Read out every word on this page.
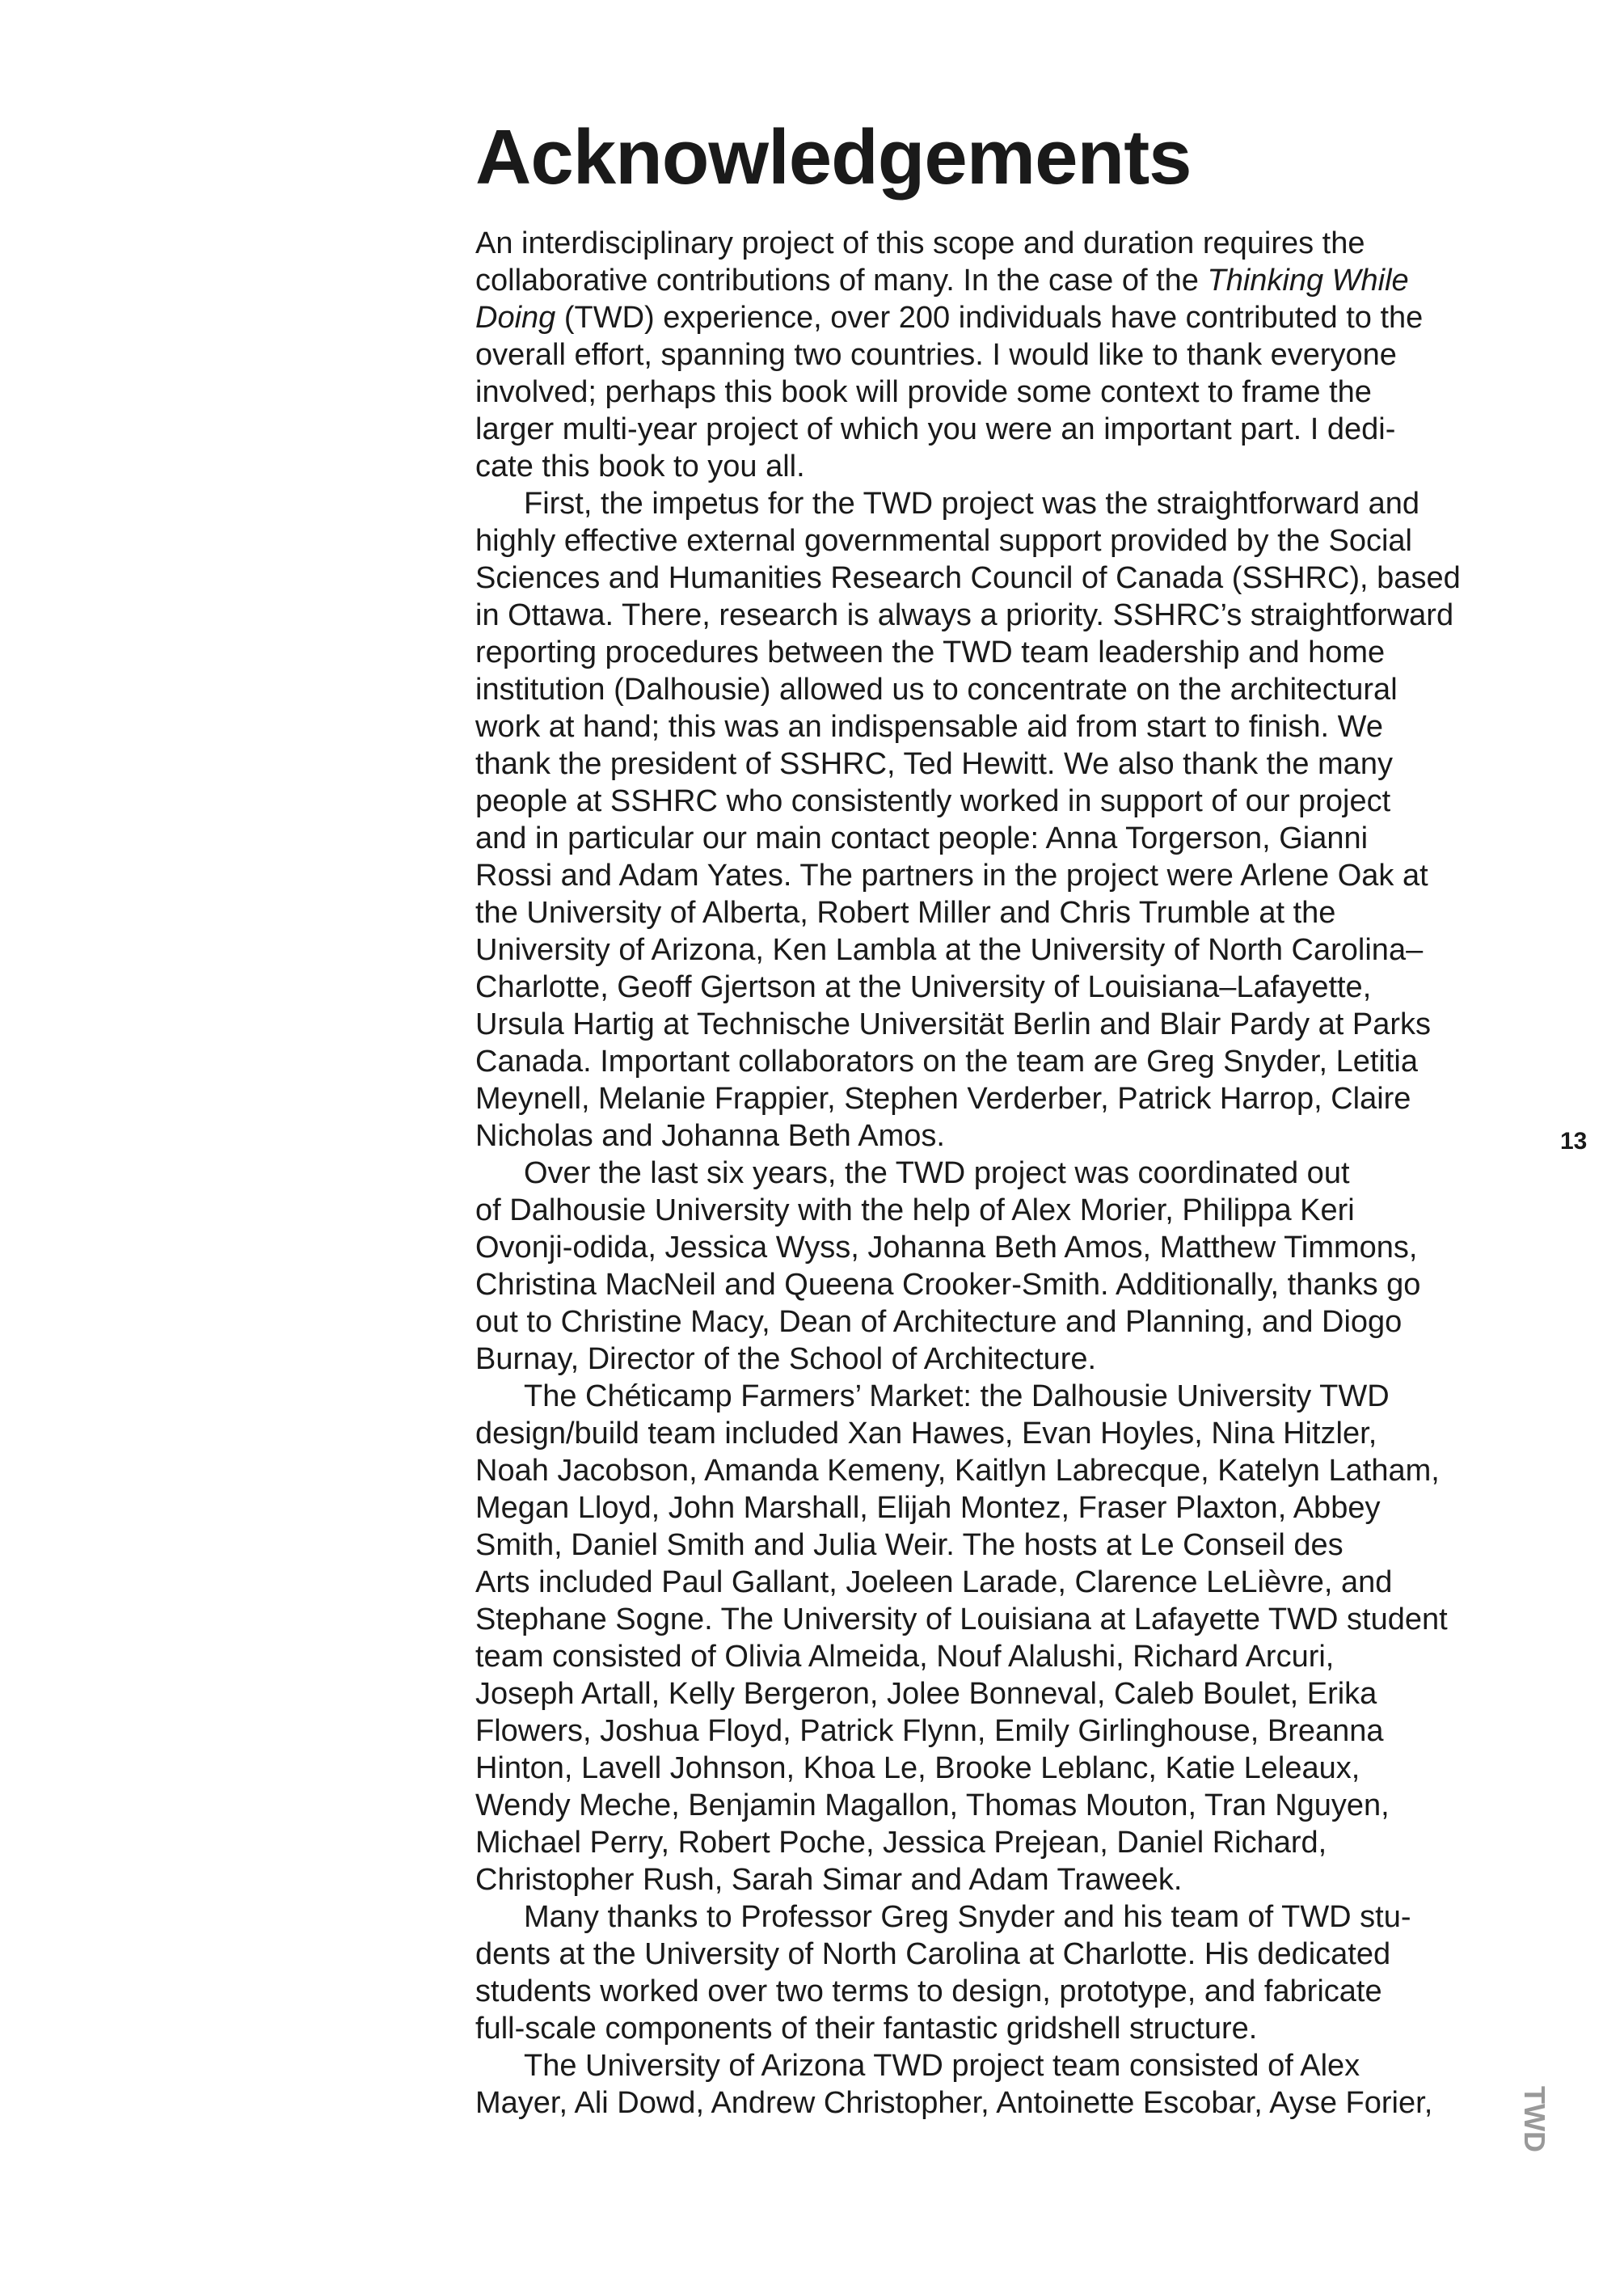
Acknowledgements
An interdisciplinary project of this scope and duration requires the
collaborative contributions of many. In the case of the Thinking While
Doing (TWD) experience, over 200 individuals have contributed to the
overall effort, spanning two countries. I would like to thank everyone
involved; perhaps this book will provide some context to frame the
larger multi-year project of which you were an important part. I dedi-
cate this book to you all.
First, the impetus for the TWD project was the straightforward and
highly effective external governmental support provided by the Social
Sciences and Humanities Research Council of Canada (SSHRC), based
in Ottawa. There, research is always a priority. SSHRC’s straightforward
reporting procedures between the TWD team leadership and home
institution (Dalhousie) allowed us to concentrate on the architectural
work at hand; this was an indispensable aid from start to finish. We
thank the president of SSHRC, Ted Hewitt. We also thank the many
people at SSHRC who consistently worked in support of our project
and in particular our main contact people: Anna Torgerson, Gianni
Rossi and Adam Yates. The partners in the project were Arlene Oak at
the University of Alberta, Robert Miller and Chris Trumble at the
University of Arizona, Ken Lambla at the University of North Carolina–
Charlotte, Geoff Gjertson at the University of Louisiana–Lafayette,
Ursula Hartig at Technische Universität Berlin and Blair Pardy at Parks
Canada. Important collaborators on the team are Greg Snyder, Letitia
Meynell, Melanie Frappier, Stephen Verderber, Patrick Harrop, Claire
Nicholas and Johanna Beth Amos.
Over the last six years, the TWD project was coordinated out
of Dalhousie University with the help of Alex Morier, Philippa Keri
Ovonji-odida, Jessica Wyss, Johanna Beth Amos, Matthew Timmons,
Christina MacNeil and Queena Crooker-Smith. Additionally, thanks go
out to Christine Macy, Dean of Architecture and Planning, and Diogo
Burnay, Director of the School of Architecture.
The Chéticamp Farmers’ Market: the Dalhousie University TWD
design/build team included Xan Hawes, Evan Hoyles, Nina Hitzler,
Noah Jacobson, Amanda Kemeny, Kaitlyn Labrecque, Katelyn Latham,
Megan Lloyd, John Marshall, Elijah Montez, Fraser Plaxton, Abbey
Smith, Daniel Smith and Julia Weir. The hosts at Le Conseil des
Arts included Paul Gallant, Joeleen Larade, Clarence LeLièvre, and
Stephane Sogne. The University of Louisiana at Lafayette TWD student
team consisted of Olivia Almeida, Nouf Alalushi, Richard Arcuri,
Joseph Artall, Kelly Bergeron, Jolee Bonneval, Caleb Boulet, Erika
Flowers, Joshua Floyd, Patrick Flynn, Emily Girlinghouse, Breanna
Hinton, Lavell Johnson, Khoa Le, Brooke Leblanc, Katie Leleaux,
Wendy Meche, Benjamin Magallon, Thomas Mouton, Tran Nguyen,
Michael Perry, Robert Poche, Jessica Prejean, Daniel Richard,
Christopher Rush, Sarah Simar and Adam Traweek.
Many thanks to Professor Greg Snyder and his team of TWD stu-
dents at the University of North Carolina at Charlotte. His dedicated
students worked over two terms to design, prototype, and fabricate
full-scale components of their fantastic gridshell structure.
The University of Arizona TWD project team consisted of Alex
Mayer, Ali Dowd, Andrew Christopher, Antoinette Escobar, Ayse Forier,
13
TWD
